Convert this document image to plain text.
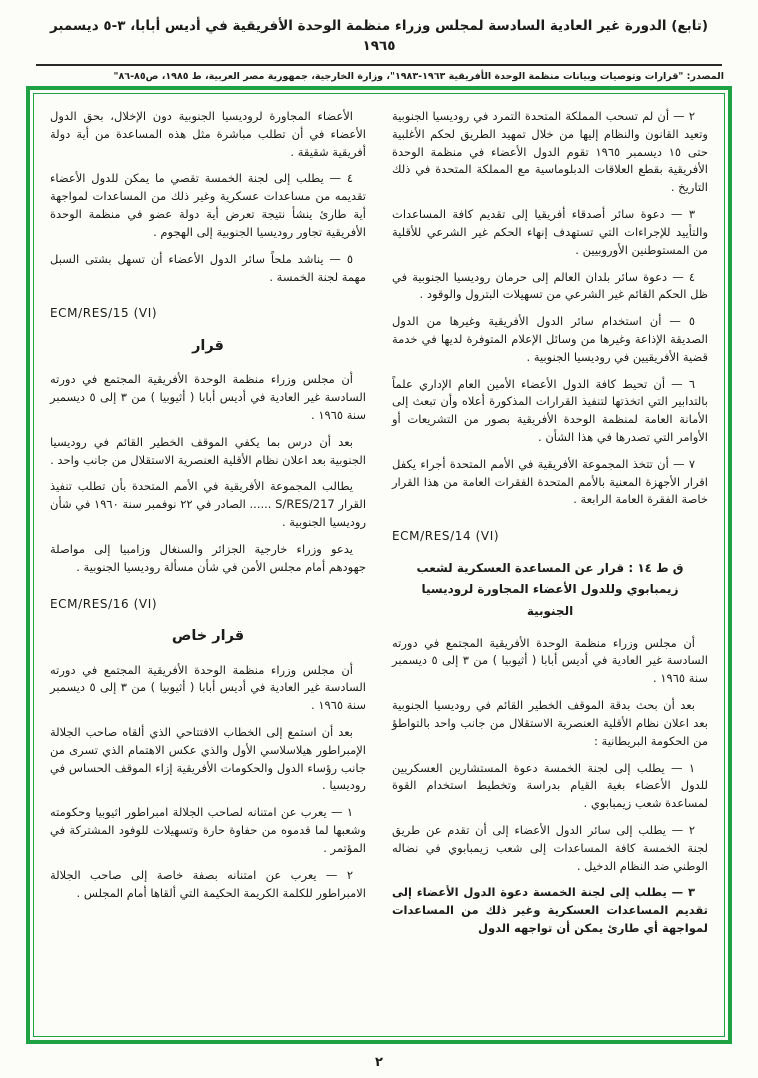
(تابع) الدورة غير العادية السادسة لمجلس وزراء منظمة الوحدة الأفريقية في أديس أبابا، ٣-٥ ديسمبر ١٩٦٥
المصدر: "قرارات وتوصيات وبيانات منظمة الوحدة الأفريقية ١٩٦٣-١٩٨٣"، وزارة الخارجية، جمهورية مصر العربية، ط ١٩٨٥، ص٨٥-٨٦"
٢ — أن لم تسحب المملكة المتحدة التمرد في روديسيا الجنوبية وتعيد القانون والنظام إليها من خلال تمهيد الطريق لحكم الأغلبية حتى ١٥ ديسمبر ١٩٦٥ تقوم الدول الأعضاء في منظمة الوحدة الأفريقية بقطع العلاقات الدبلوماسية مع المملكة المتحدة في ذلك التاريخ .
٣ — دعوة سائر أصدقاء أفريقيا إلى تقديم كافة المساعدات والتأييد للإجراءات التي تستهدف إنهاء الحكم غير الشرعي للأقلية من المستوطنين الأوروبيين .
٤ — دعوة سائر بلدان العالم إلى حرمان روديسيا الجنوبية في ظل الحكم القائم غير الشرعي من تسهيلات البترول والوقود .
٥ — أن استخدام سائر الدول الأفريقية وغيرها من الدول الصديقة الإذاعة وغيرها من وسائل الإعلام المتوفرة لديها في خدمة قضية الأفريقيين في روديسيا الجنوبية .
٦ — أن تحيط كافة الدول الأعضاء الأمين العام الإداري علماً بالتدابير التي اتخذتها لتنفيذ القرارات المذكورة أعلاه وأن تبعث إلى الأمانة العامة لمنظمة الوحدة الأفريقية بصور من التشريعات أو الأوامر التي تصدرها في هذا الشأن .
٧ — أن تتخذ المجموعة الأفريقية في الأمم المتحدة أجراء يكفل اقرار الأجهزة المعنية بالأمم المتحدة الفقرات العامة من هذا القرار خاصة الفقرة العامة الرابعة .
ECM/RES/14 (VI)
ق ط ١٤ : قرار عن المساعدة العسكرية لشعب زيمبابوي وللدول الأعضاء المجاورة لروديسيا الجنوبية
أن مجلس وزراء منظمة الوحدة الأفريقية المجتمع في دورته السادسة غير العادية في أديس أبابا ( أثيوبيا ) من ٣ إلى ٥ ديسمبر سنة ١٩٦٥ .
بعد أن بحث بدقة الموقف الخطير القائم في روديسيا الجنوبية بعد اعلان نظام الأقلية العنصرية الاستقلال من جانب واحد بالتواطؤ من الحكومة البريطانية :
١ — يطلب إلى لجنة الخمسة دعوة المستشارين العسكريين للدول الأعضاء بغية القيام بدراسة وتخطيط استخدام القوة لمساعدة شعب زيمبابوي .
٢ — يطلب إلى سائر الدول الأعضاء إلى أن تقدم عن طريق لجنة الخمسة كافة المساعدات إلى شعب زيمبابوي في نضاله الوطني ضد النظام الدخيل .
٣ — يطلب إلى لجنة الخمسة دعوة الدول الأعضاء إلى تقديم المساعدات العسكرية وغير ذلك من المساعدات لمواجهة أي طارئ يمكن أن تواجهه الدول
الأعضاء المجاورة لروديسيا الجنوبية دون الإخلال، بحق الدول الأعضاء في أن تطلب مباشرة مثل هذه المساعدة من أية دولة أفريقية شقيقة .
٤ — يطلب إلى لجنة الخمسة تقصي ما يمكن للدول الأعضاء تقديمه من مساعدات عسكرية وغير ذلك من المساعدات لمواجهة أية طارئ ينشأ نتيجة تعرض أية دولة عضو في منظمة الوحدة الأفريقية تجاور روديسيا الجنوبية إلى الهجوم .
٥ — يناشد ملحاً سائر الدول الأعضاء أن تسهل بشتى السبل مهمة لجنة الخمسة .
ECM/RES/15 (VI)
قرار
أن مجلس وزراء منظمة الوحدة الأفريقية المجتمع في دورته السادسة غير العادية في أديس أبابا ( أثيوبيا ) من ٣ إلى ٥ ديسمبر سنة ١٩٦٥ .
بعد أن درس بما يكفي الموقف الخطير القائم في روديسيا الجنوبية بعد اعلان نظام الأقلية العنصرية الاستقلال من جانب واحد .
يطالب المجموعة الأفريقية في الأمم المتحدة بأن تطلب تنفيذ القرار S/RES/217 ...... الصادر في ٢٢ نوفمبر سنة ١٩٦٠ في شأن روديسيا الجنوبية .
يدعو وزراء خارجية الجزائر والسنغال وزامبيا إلى مواصلة جهودهم أمام مجلس الأمن في شأن مسألة روديسيا الجنوبية .
ECM/RES/16 (VI)
قرار خاص
أن مجلس وزراء منظمة الوحدة الأفريقية المجتمع في دورته السادسة غير العادية في أديس أبابا ( أثيوبيا ) من ٣ إلى ٥ ديسمبر سنة ١٩٦٥ .
بعد أن استمع إلى الخطاب الافتتاحي الذي ألقاه صاحب الجلالة الإمبراطور هيلاسلاسي الأول والذي عكس الاهتمام الذي تسرى من جانب رؤساء الدول والحكومات الأفريقية إزاء الموقف الحساس في روديسيا .
١ — يعرب عن امتنانه لصاحب الجلالة امبراطور اثيوبيا وحكومته وشعبها لما قدموه من حفاوة حارة وتسهيلات للوفود المشتركة في المؤتمر .
٢ — يعرب عن امتنانه بصفة خاصة إلى صاحب الجلالة الامبراطور للكلمة الكريمة الحكيمة التي ألقاها أمام المجلس .
٢
